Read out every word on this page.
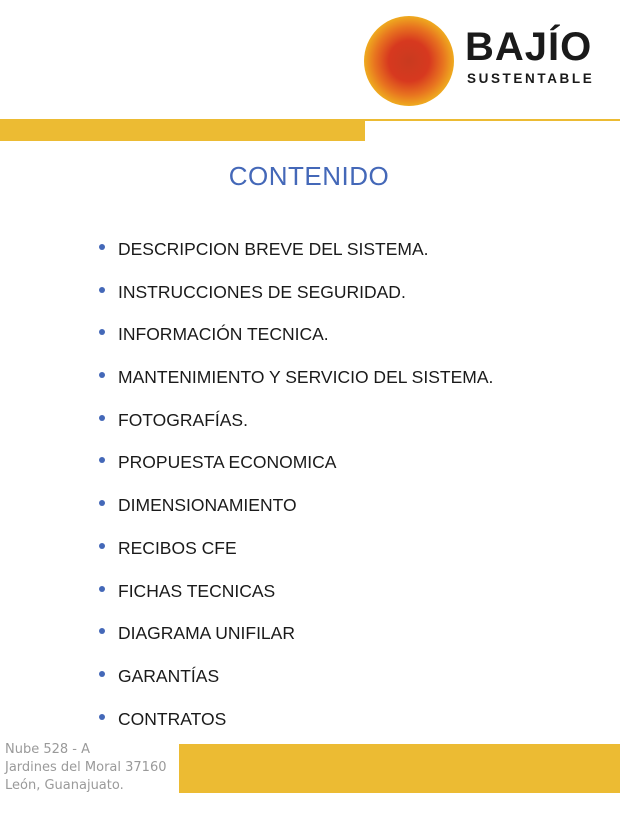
BAJÍO
SUSTENTABLE
CONTENIDO
DESCRIPCION BREVE DEL SISTEMA.
INSTRUCCIONES DE SEGURIDAD.
INFORMACIÓN TECNICA.
MANTENIMIENTO Y SERVICIO DEL SISTEMA.
FOTOGRAFÍAS.
PROPUESTA ECONOMICA
DIMENSIONAMIENTO
RECIBOS CFE
FICHAS TECNICAS
DIAGRAMA UNIFILAR
GARANTÍAS
CONTRATOS
Nube 528 - A
Jardines del Moral 37160
León, Guanajuato.
